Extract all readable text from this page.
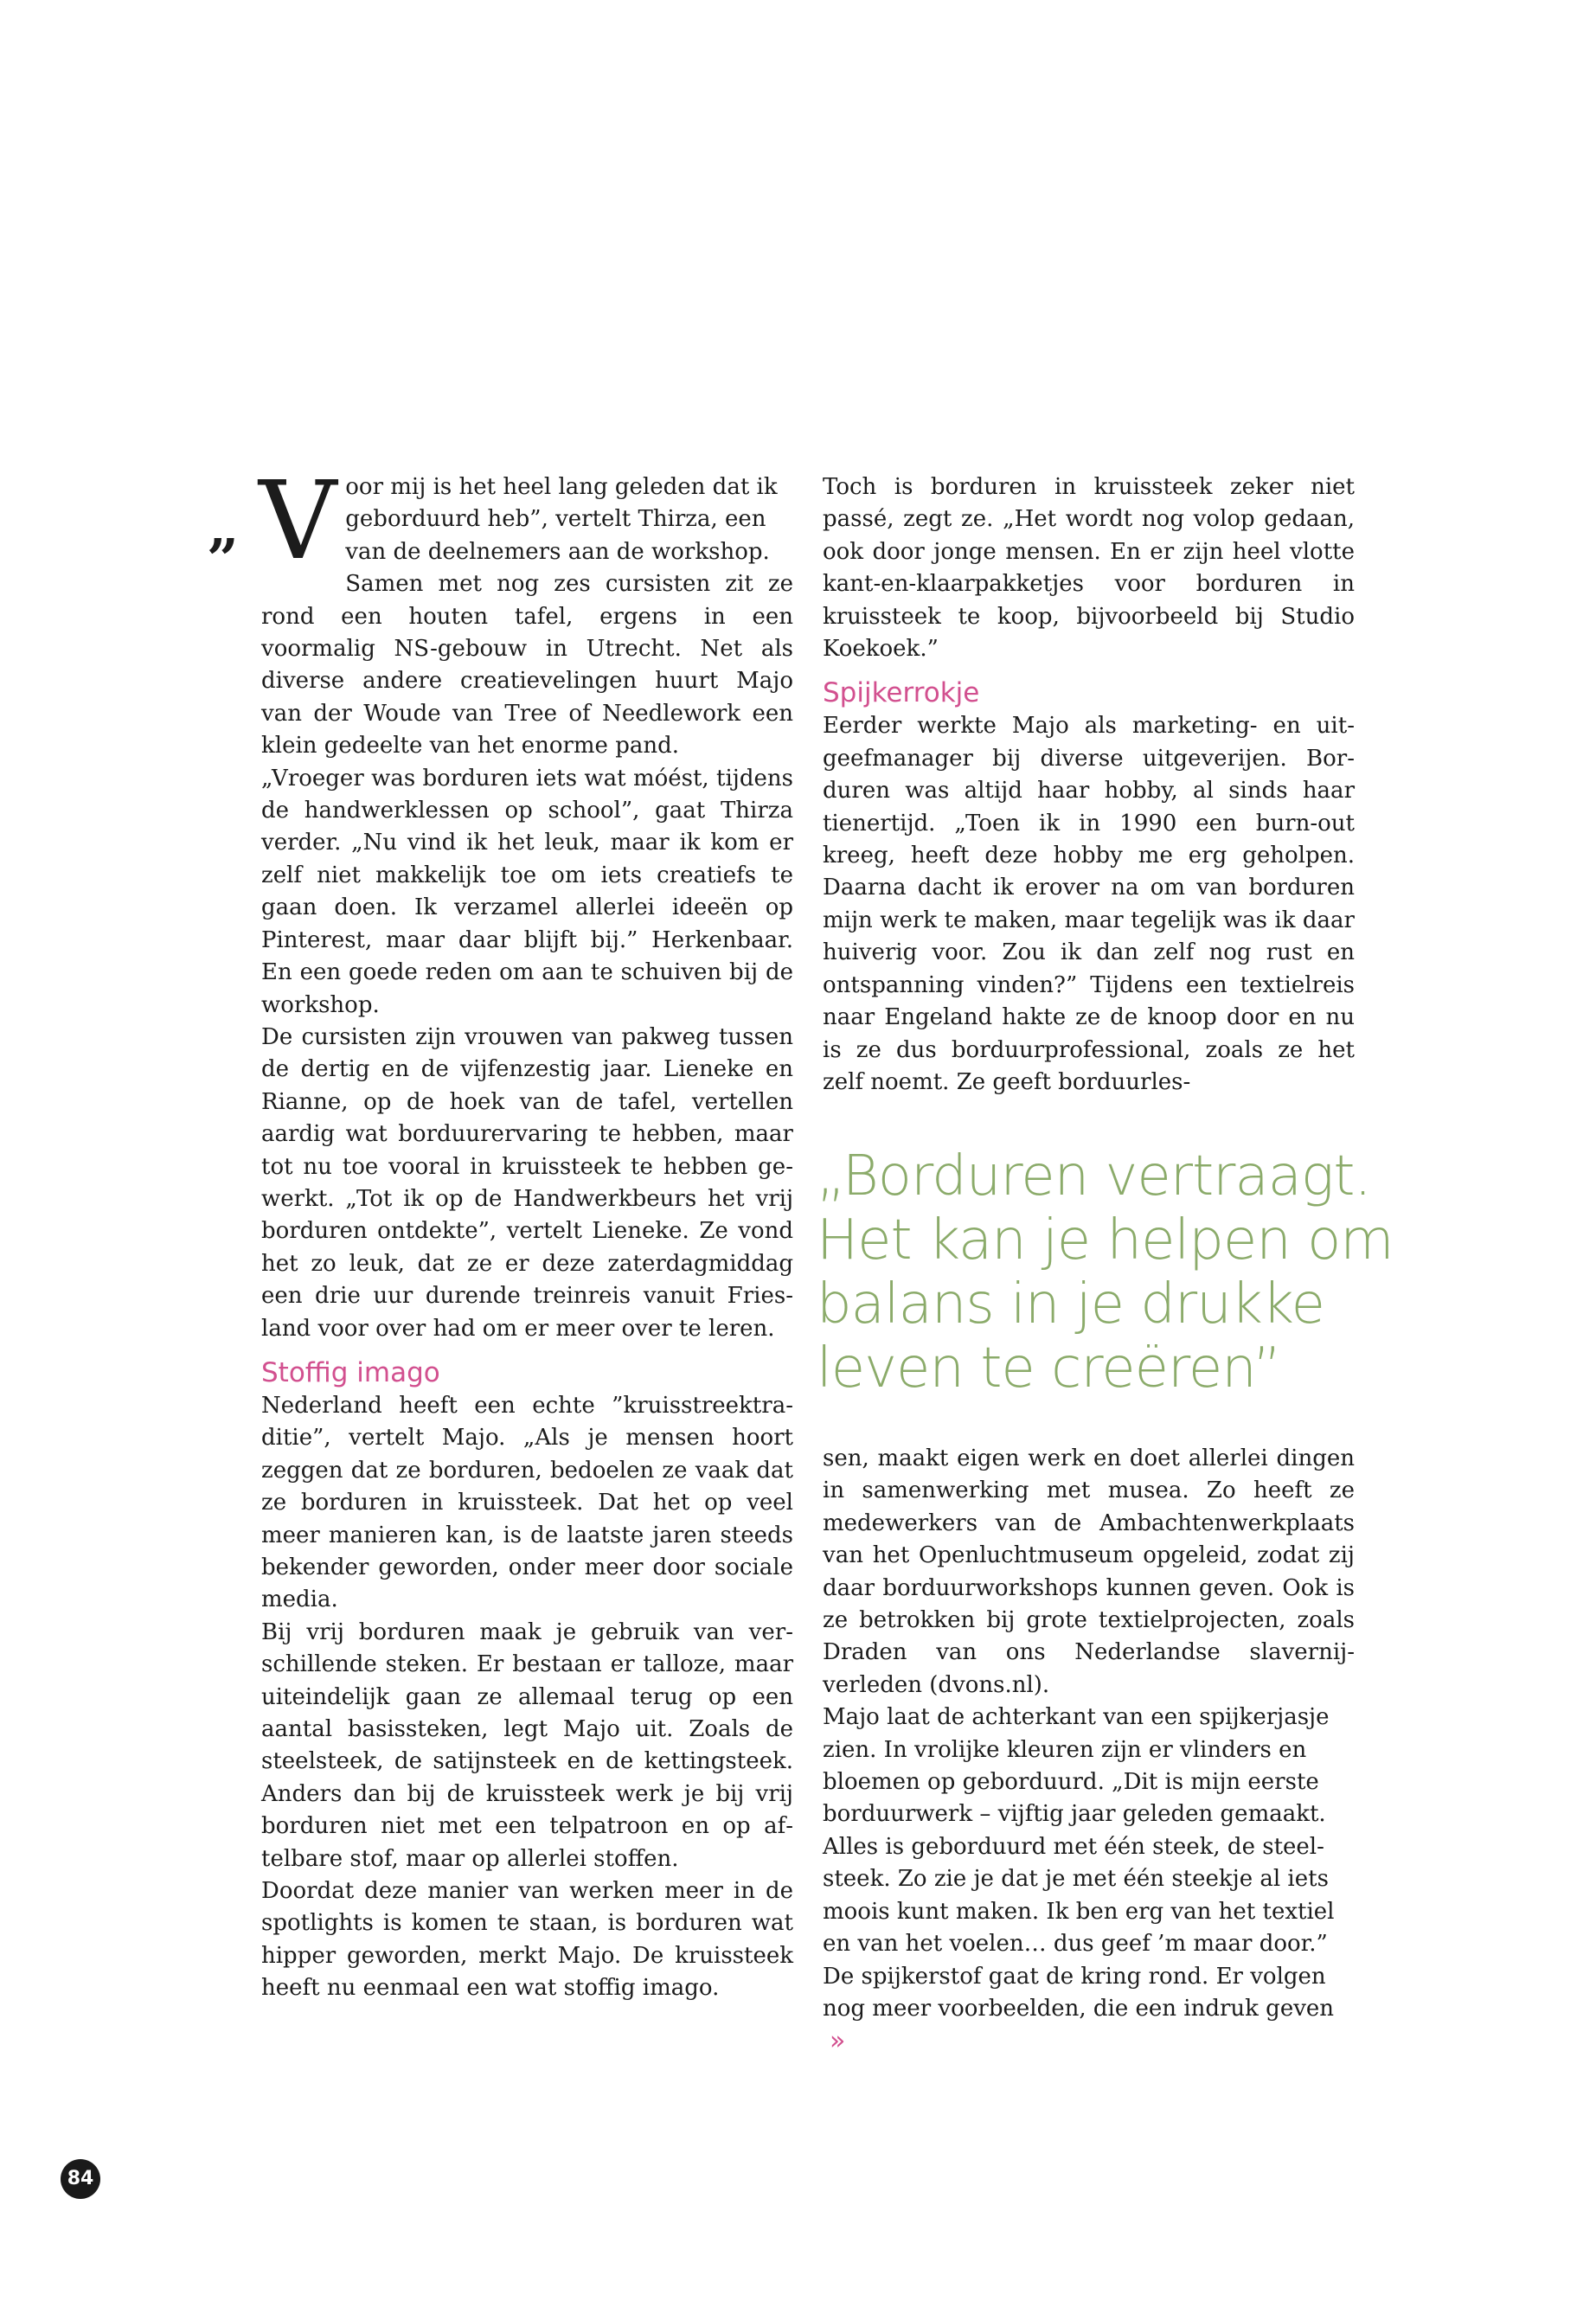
„ V oor mij is het heel lang geleden dat ik

geborduurd heb”, vertelt Thirza, een

van de deelnemers aan de workshop.

Samen met nog zes cursisten zit ze rond een houten tafel, ergens in een voormalig NS-gebouw in Utrecht. Net als diverse andere creatievelingen huurt Majo van der Woude van Tree of Needlework een klein gedeelte van het enorme pand.

„Vroeger was borduren iets wat móést, tijdens de handwerklessen op school”, gaat Thirza verder. „Nu vind ik het leuk, maar ik kom er zelf niet makkelijk toe om iets creatiefs te gaan doen. Ik verzamel allerlei ideeën op Pinterest, maar daar blijft bij.” Herkenbaar. En een goede reden om aan te schuiven bij de workshop.

De cursisten zijn vrouwen van pakweg tussen de dertig en de vijfenzestig jaar. Lieneke en Rianne, op de hoek van de tafel, vertellen aardig wat borduurervaring te hebben, maar tot nu toe vooral in kruissteek te hebben gewerkt. „Tot ik op de Handwerkbeurs het vrij borduren ontdekte”, vertelt Lieneke. Ze vond het zo leuk, dat ze er deze zaterdagmiddag een drie uur durende treinreis vanuit Friesland voor over had om er meer over te leren.

Stoffig imago

Nederland heeft een echte ”kruisstreektraditie”, vertelt Majo. „Als je mensen hoort zeggen dat ze borduren, bedoelen ze vaak dat ze borduren in kruissteek. Dat het op veel meer manieren kan, is de laatste jaren steeds bekender geworden, onder meer door sociale media.

Bij vrij borduren maak je gebruik van verschillende steken. Er bestaan er talloze, maar uiteindelijk gaan ze allemaal terug op een aantal basissteken, legt Majo uit. Zoals de steelsteek, de satijnsteek en de kettingsteek. Anders dan bij de kruissteek werk je bij vrij borduren niet met een telpatroon en op aftelbare stof, maar op allerlei stoffen.

Doordat deze manier van werken meer in de spotlights is komen te staan, is borduren wat hipper geworden, merkt Majo. De kruissteek heeft nu eenmaal een wat stoffig imago.

Toch is borduren in kruissteek zeker niet passé, zegt ze. „Het wordt nog volop gedaan, ook door jonge mensen. En er zijn heel vlotte kant-en-klaarpakketjes voor borduren in kruissteek te koop, bijvoorbeeld bij Studio Koekoek.”

Spijkerrokje

Eerder werkte Majo als marketing- en uitgeefmanager bij diverse uitgeverijen. Borduren was altijd haar hobby, al sinds haar tienertijd. „Toen ik in 1990 een burn-out kreeg, heeft deze hobby me erg geholpen. Daarna dacht ik erover na om van borduren mijn werk te maken, maar tegelijk was ik daar huiverig voor. Zou ik dan zelf nog rust en ontspanning vinden?” Tijdens een textielreis naar Engeland hakte ze de knoop door en nu is ze dus borduurprofessional, zoals ze het zelf noemt. Ze geeft borduurles-

„Borduren vertraagt.
Het kan je helpen om
balans in je drukke
leven te creëren”

sen, maakt eigen werk en doet allerlei dingen in samenwerking met musea. Zo heeft ze medewerkers van de Ambachtenwerkplaats van het Openluchtmuseum opgeleid, zodat zij daar borduurworkshops kunnen geven. Ook is ze betrokken bij grote textielprojecten, zoals Draden van ons Nederlandse slavernijverleden (dvons.nl).

Majo laat de achterkant van een spijkerjasje zien. In vrolijke kleuren zijn er vlinders en bloemen op geborduurd. „Dit is mijn eerste borduurwerk – vijftig jaar geleden gemaakt. Alles is geborduurd met één steek, de steelsteek. Zo zie je dat je met één steekje al iets moois kunt maken. Ik ben erg van het textiel en van het voelen… dus geef ’m maar door.” De spijkerstof gaat de kring rond. Er volgen nog meer voorbeelden, die een indruk geven»

84
